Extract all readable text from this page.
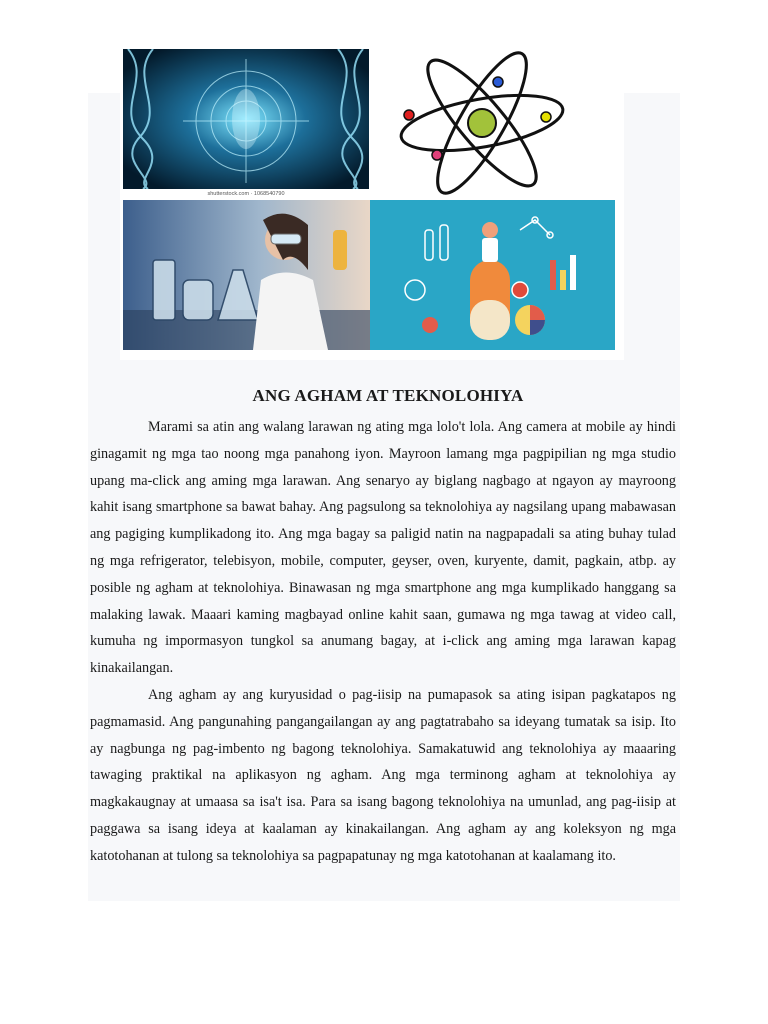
shutterstock.com · 1068540790
ANG AGHAM AT TEKNOLOHIYA

Marami sa atin ang walang larawan ng ating mga lolo't lola. Ang camera at mobile ay hindi ginagamit ng mga tao noong mga panahong iyon. Mayroon lamang mga pagpipilian ng mga studio upang ma-click ang aming mga larawan. Ang senaryo ay biglang nagbago at ngayon ay mayroong kahit isang smartphone sa bawat bahay. Ang pagsulong sa teknolohiya ay nagsilang upang mabawasan ang pagiging kumplikadong ito. Ang mga bagay sa paligid natin na nagpapadali sa ating buhay tulad ng mga refrigerator, telebisyon, mobile, computer, geyser, oven, kuryente, damit, pagkain, atbp. ay posible ng agham at teknolohiya. Binawasan ng mga smartphone ang mga kumplikado hanggang sa malaking lawak. Maaari kaming magbayad online kahit saan, gumawa ng mga tawag at video call, kumuha ng impormasyon tungkol sa anumang bagay, at i-click ang aming mga larawan kapag kinakailangan.

Ang agham ay ang kuryusidad o pag-iisip na pumapasok sa ating isipan pagkatapos ng pagmamasid. Ang pangunahing pangangailangan ay ang pagtatrabaho sa ideyang tumatak sa isip. Ito ay nagbunga ng pag-imbento ng bagong teknolohiya. Samakatuwid ang teknolohiya ay maaaring tawaging praktikal na aplikasyon ng agham. Ang mga terminong agham at teknolohiya ay magkakaugnay at umaasa sa isa't isa. Para sa isang bagong teknolohiya na umunlad, ang pag-iisip at paggawa sa isang ideya at kaalaman ay kinakailangan. Ang agham ay ang koleksyon ng mga katotohanan at tulong sa teknolohiya sa pagpapatunay ng mga katotohanan at kaalamang ito.
